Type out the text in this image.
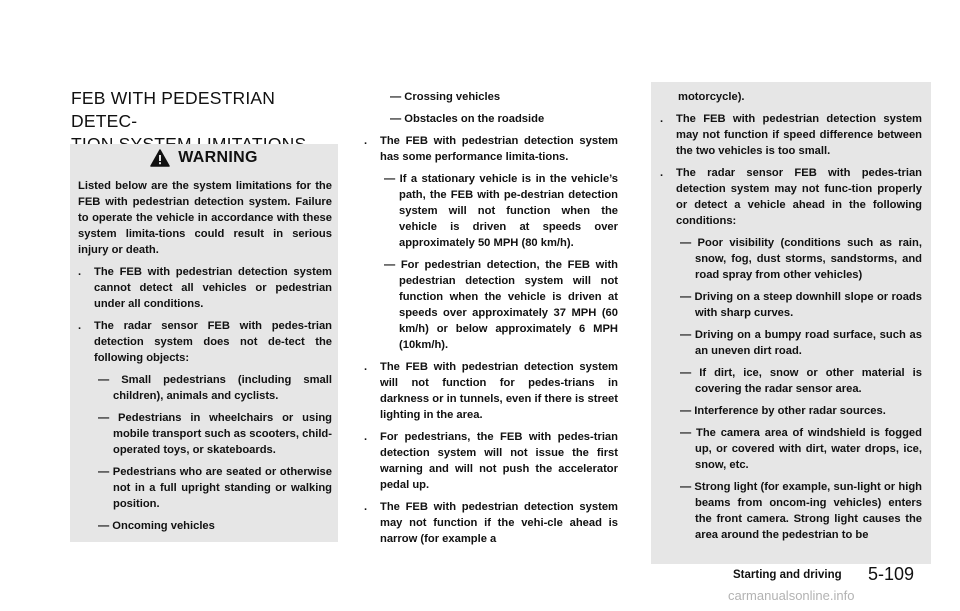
FEB WITH PEDESTRIAN DETEC-

WARNING

Listed below are the system limitations for the FEB with pedestrian detection system. Failure to operate the vehicle in accordance with these system limita-tions could result in serious injury or death.

.	The FEB with pedestrian detection system cannot detect all vehicles or pedestrian under all conditions.
.	The radar sensor FEB with pedes-trian detection system does not de-tect the following objects:
— Small pedestrians (including small children), animals and cyclists.
— Pedestrians in wheelchairs or using mobile transport such as scooters, child-operated toys, or skateboards.
— Pedestrians who are seated or otherwise not in a full upright standing or walking position.
— Oncoming vehicles
— Crossing vehicles
— Obstacles on the roadside
.	The FEB with pedestrian detection system has some performance limita-tions.
— If a stationary vehicle is in the vehicle’s path, the FEB with pe-destrian detection system will not function when the vehicle is driven at speeds over approximately 50 MPH (80 km/h).
— For pedestrian detection, the FEB with pedestrian detection system will not function when the vehicle is driven at speeds over approximately 37 MPH (60 km/h) or below approximately 6 MPH (10km/h).
.	The FEB with pedestrian detection system will not function for pedes-trians in darkness or in tunnels, even if there is street lighting in the area.
.	For pedestrians, the FEB with pedes-trian detection system will not issue the first warning and will not push the accelerator pedal up.
.	The FEB with pedestrian detection system may not function if the vehi-cle ahead is narrow (for example a

motorcycle).

.	The FEB with pedestrian detection system may not function if speed difference between the two vehicles is too small.
.	The radar sensor FEB with pedes-trian detection system may not func-tion properly or detect a vehicle ahead in the following conditions:
— Poor visibility (conditions such as rain, snow, fog, dust storms, sandstorms, and road spray from other vehicles)
— Driving on a steep downhill slope or roads with sharp curves.
— Driving on a bumpy road surface, such as an uneven dirt road.
— If dirt, ice, snow or other material is covering the radar sensor area.
— Interference by other radar sources.
— The camera area of windshield is fogged up, or covered with dirt, water drops, ice, snow, etc.
— Strong light (for example, sun-light or high beams from oncom-ing vehicles) enters the front camera. Strong light causes the area around the pedestrian to be
Starting and driving 5-109
carmanualsonline.info
